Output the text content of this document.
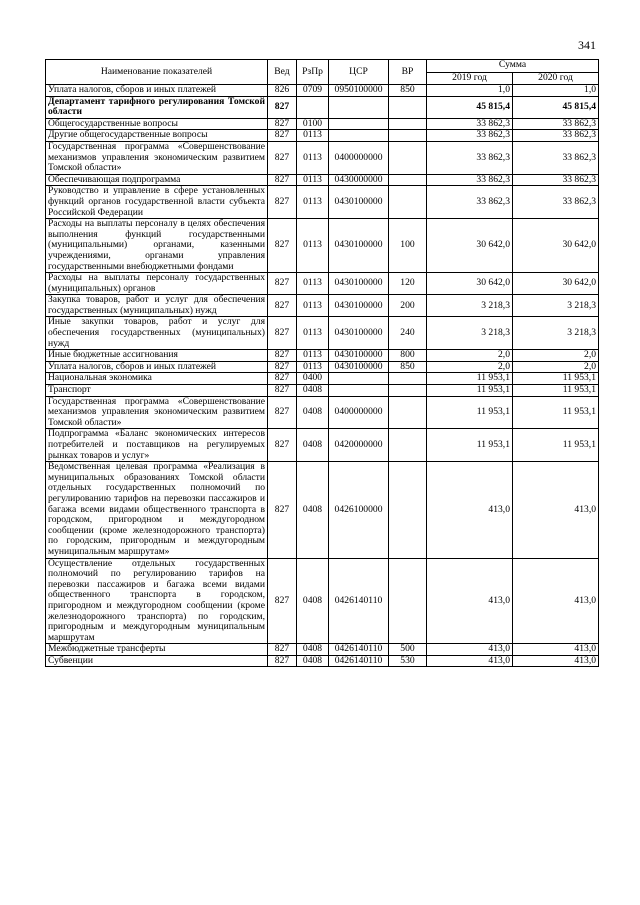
341
Наименование показателей	Вед	РзПр	ЦСР	ВР	Сумма	
					2019 год	2020 год
Уплата налогов, сборов и иных платежей	826	0709	0950100000	850	1,0	1,0
Департамент тарифного регулирования Томской области	827				45 815,4	45 815,4
Общегосударственные вопросы	827	0100			33 862,3	33 862,3
Другие общегосударственные вопросы	827	0113			33 862,3	33 862,3
Государственная программа «Совершенствование механизмов управления экономическим развитием Томской области»	827	0113	0400000000		33 862,3	33 862,3
Обеспечивающая подпрограмма	827	0113	0430000000		33 862,3	33 862,3
Руководство и управление в сфере установленных функций органов государственной власти субъекта Российской Федерации	827	0113	0430100000		33 862,3	33 862,3
Расходы на выплаты персоналу в целях обеспечения выполнения функций государственными (муниципальными) органами, казенными учреждениями, органами управления государственными внебюджетными фондами	827	0113	0430100000	100	30 642,0	30 642,0
Расходы на выплаты персоналу государственных (муниципальных) органов	827	0113	0430100000	120	30 642,0	30 642,0
Закупка товаров, работ и услуг для обеспечения государственных (муниципальных) нужд	827	0113	0430100000	200	3 218,3	3 218,3
Иные закупки товаров, работ и услуг для обеспечения государственных (муниципальных) нужд	827	0113	0430100000	240	3 218,3	3 218,3
Иные бюджетные ассигнования	827	0113	0430100000	800	2,0	2,0
Уплата налогов, сборов и иных платежей	827	0113	0430100000	850	2,0	2,0
Национальная экономика	827	0400			11 953,1	11 953,1
Транспорт	827	0408			11 953,1	11 953,1
Государственная программа «Совершенствование механизмов управления экономическим развитием Томской области»	827	0408	0400000000		11 953,1	11 953,1
Подпрограмма «Баланс экономических интересов потребителей и поставщиков на регулируемых рынках товаров и услуг»	827	0408	0420000000		11 953,1	11 953,1
Ведомственная целевая программа «Реализация в муниципальных образованиях Томской области отдельных государственных полномочий по регулированию тарифов на перевозки пассажиров и багажа всеми видами общественного транспорта в городском, пригородном и междугородном сообщении (кроме железнодорожного транспорта) по городским, пригородным и междугородным муниципальным маршрутам»	827	0408	0426100000		413,0	413,0
Осуществление отдельных государственных полномочий по регулированию тарифов на перевозки пассажиров и багажа всеми видами общественного транспорта в городском, пригородном и междугородном сообщении (кроме железнодорожного транспорта) по городским, пригородным и междугородным муниципальным маршрутам	827	0408	0426140110		413,0	413,0
Межбюджетные трансферты	827	0408	0426140110	500	413,0	413,0
Субвенции	827	0408	0426140110	530	413,0	413,0
